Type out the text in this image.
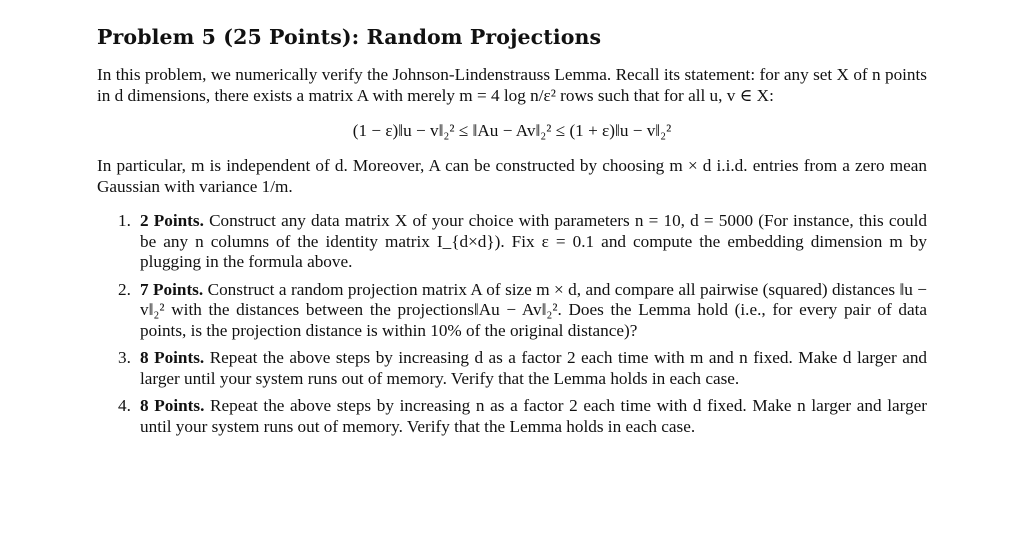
Problem 5 (25 Points): Random Projections

In this problem, we numerically verify the Johnson-Lindenstrauss Lemma. Recall its statement: for any set X of n points in d dimensions, there exists a matrix A with merely m = 4 log n/ε² rows such that for all u, v ∈ X:

(1 − ε)‖u − v‖₂² ≤ ‖Au − Av‖₂² ≤ (1 + ε)‖u − v‖₂²

In particular, m is independent of d. Moreover, A can be constructed by choosing m × d i.i.d. entries from a zero mean Gaussian with variance 1/m.

1. 2 Points. Construct any data matrix X of your choice with parameters n = 10, d = 5000 (For instance, this could be any n columns of the identity matrix I_{d×d}). Fix ε = 0.1 and compute the embedding dimension m by plugging in the formula above.
2. 7 Points. Construct a random projection matrix A of size m × d, and compare all pairwise (squared) distances ‖u − v‖₂² with the distances between the projections‖Au − Av‖₂². Does the Lemma hold (i.e., for every pair of data points, is the projection distance is within 10% of the original distance)?
3. 8 Points. Repeat the above steps by increasing d as a factor 2 each time with m and n fixed. Make d larger and larger until your system runs out of memory. Verify that the Lemma holds in each case.
4. 8 Points. Repeat the above steps by increasing n as a factor 2 each time with d fixed. Make n larger and larger until your system runs out of memory. Verify that the Lemma holds in each case.
